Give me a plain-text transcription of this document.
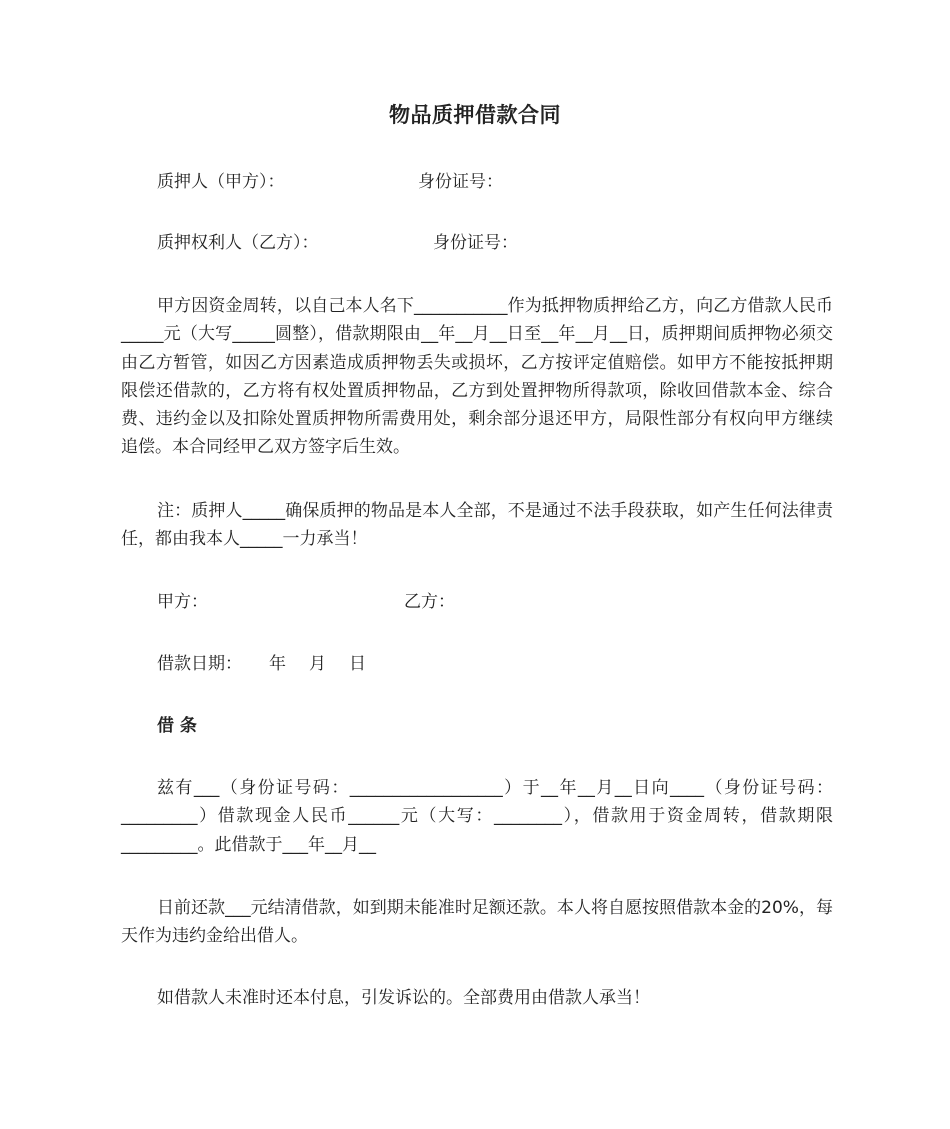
物品质押借款合同
质押人（甲方）：	身份证号：
质押权利人（乙方）：	身份证号：
甲方因资金周转，以自己本人名下___________作为抵押物质押给乙方，向乙方借款人民币_____元（大写_____圆整），借款期限由__年__月__日至__年__月__日，质押期间质押物必须交由乙方暂管，如因乙方因素造成质押物丢失或损坏，乙方按评定值赔偿。如甲方不能按抵押期限偿还借款的，乙方将有权处置质押物品，乙方到处置押物所得款项，除收回借款本金、综合费、违约金以及扣除处置质押物所需费用处，剩余部分退还甲方，局限性部分有权向甲方继续追偿。本合同经甲乙双方签字后生效。
注：质押人_____确保质押的物品是本人全部，不是通过不法手段获取，如产生任何法律责任，都由我本人_____一力承当！
甲方：	乙方：
借款日期： 年 月 日
借 条
兹有___（身份证号码：__________________）于__年__月__日向____（身份证号码：_________）借款现金人民币______元（大写：________），借款用于资金周转，借款期限 _________。此借款于___年__月__
日前还款___元结清借款，如到期未能准时足额还款。本人将自愿按照借款本金的20%，每天作为违约金给出借人。
如借款人未准时还本付息，引发诉讼的。全部费用由借款人承当！
